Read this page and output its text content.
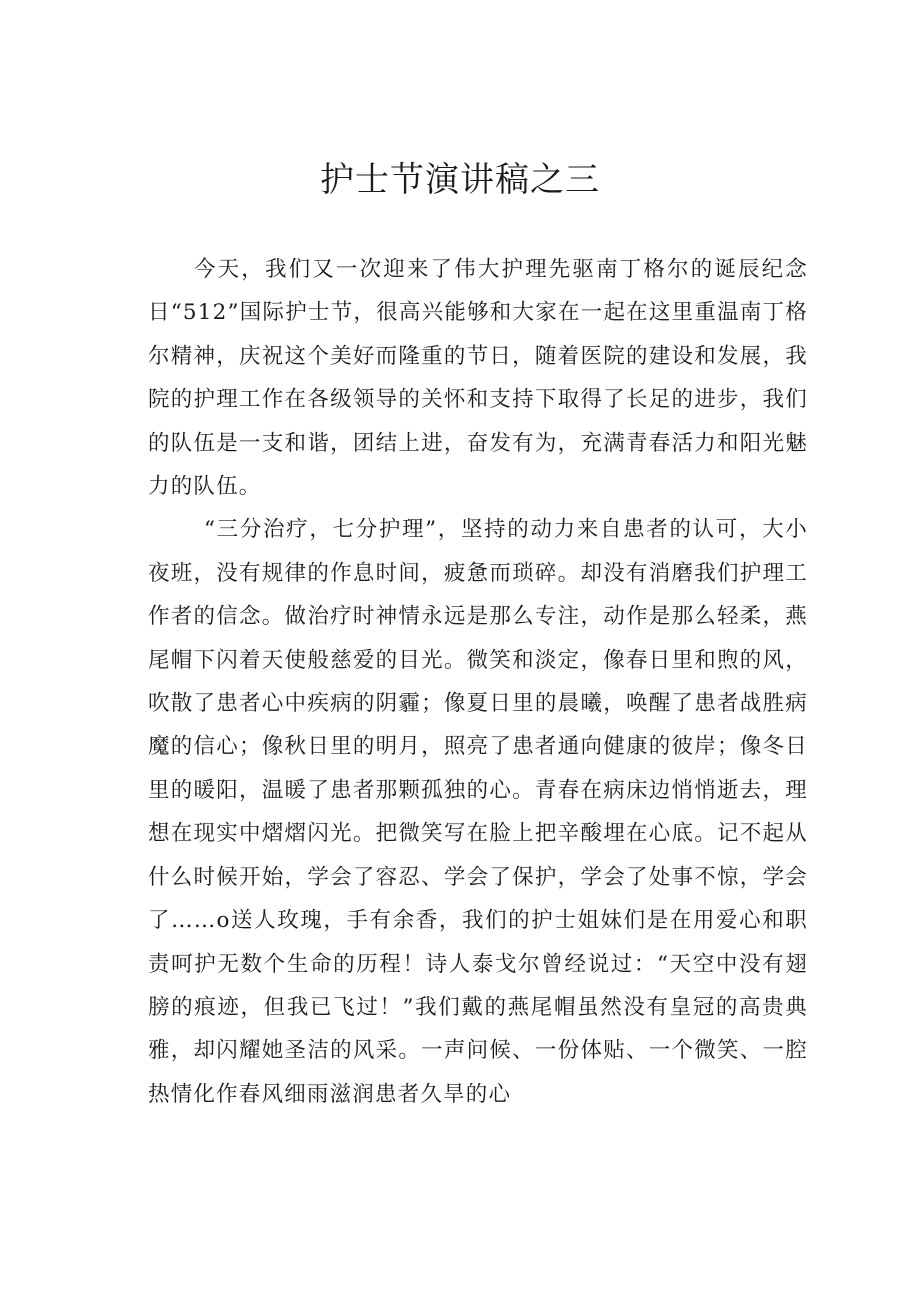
护士节演讲稿之三

今天，我们又一次迎来了伟大护理先驱南丁格尔的诞辰纪念日“512”国际护士节，很高兴能够和大家在一起在这里重温南丁格尔精神，庆祝这个美好而隆重的节日，随着医院的建设和发展，我院的护理工作在各级领导的关怀和支持下取得了长足的进步，我们的队伍是一支和谐，团结上进，奋发有为，充满青春活力和阳光魅力的队伍。

“三分治疗，七分护理”，坚持的动力来自患者的认可，大小夜班，没有规律的作息时间，疲惫而琐碎。却没有消磨我们护理工作者的信念。做治疗时神情永远是那么专注，动作是那么轻柔，燕尾帽下闪着天使般慈爱的目光。微笑和淡定，像春日里和煦的风，吹散了患者心中疾病的阴霾；像夏日里的晨曦，唤醒了患者战胜病魔的信心；像秋日里的明月，照亮了患者通向健康的彼岸；像冬日里的暖阳，温暖了患者那颗孤独的心。青春在病床边悄悄逝去，理想在现实中熠熠闪光。把微笑写在脸上把辛酸埋在心底。记不起从什么时候开始，学会了容忍、学会了保护，学会了处事不惊，学会了……o送人玫瑰，手有余香，我们的护士姐妹们是在用爱心和职责呵护无数个生命的历程！诗人泰戈尔曾经说过：“天空中没有翅膀的痕迹，但我已飞过！”我们戴的燕尾帽虽然没有皇冠的高贵典雅，却闪耀她圣洁的风采。一声问候、一份体贴、一个微笑、一腔热情化作春风细雨滋润患者久旱的心
